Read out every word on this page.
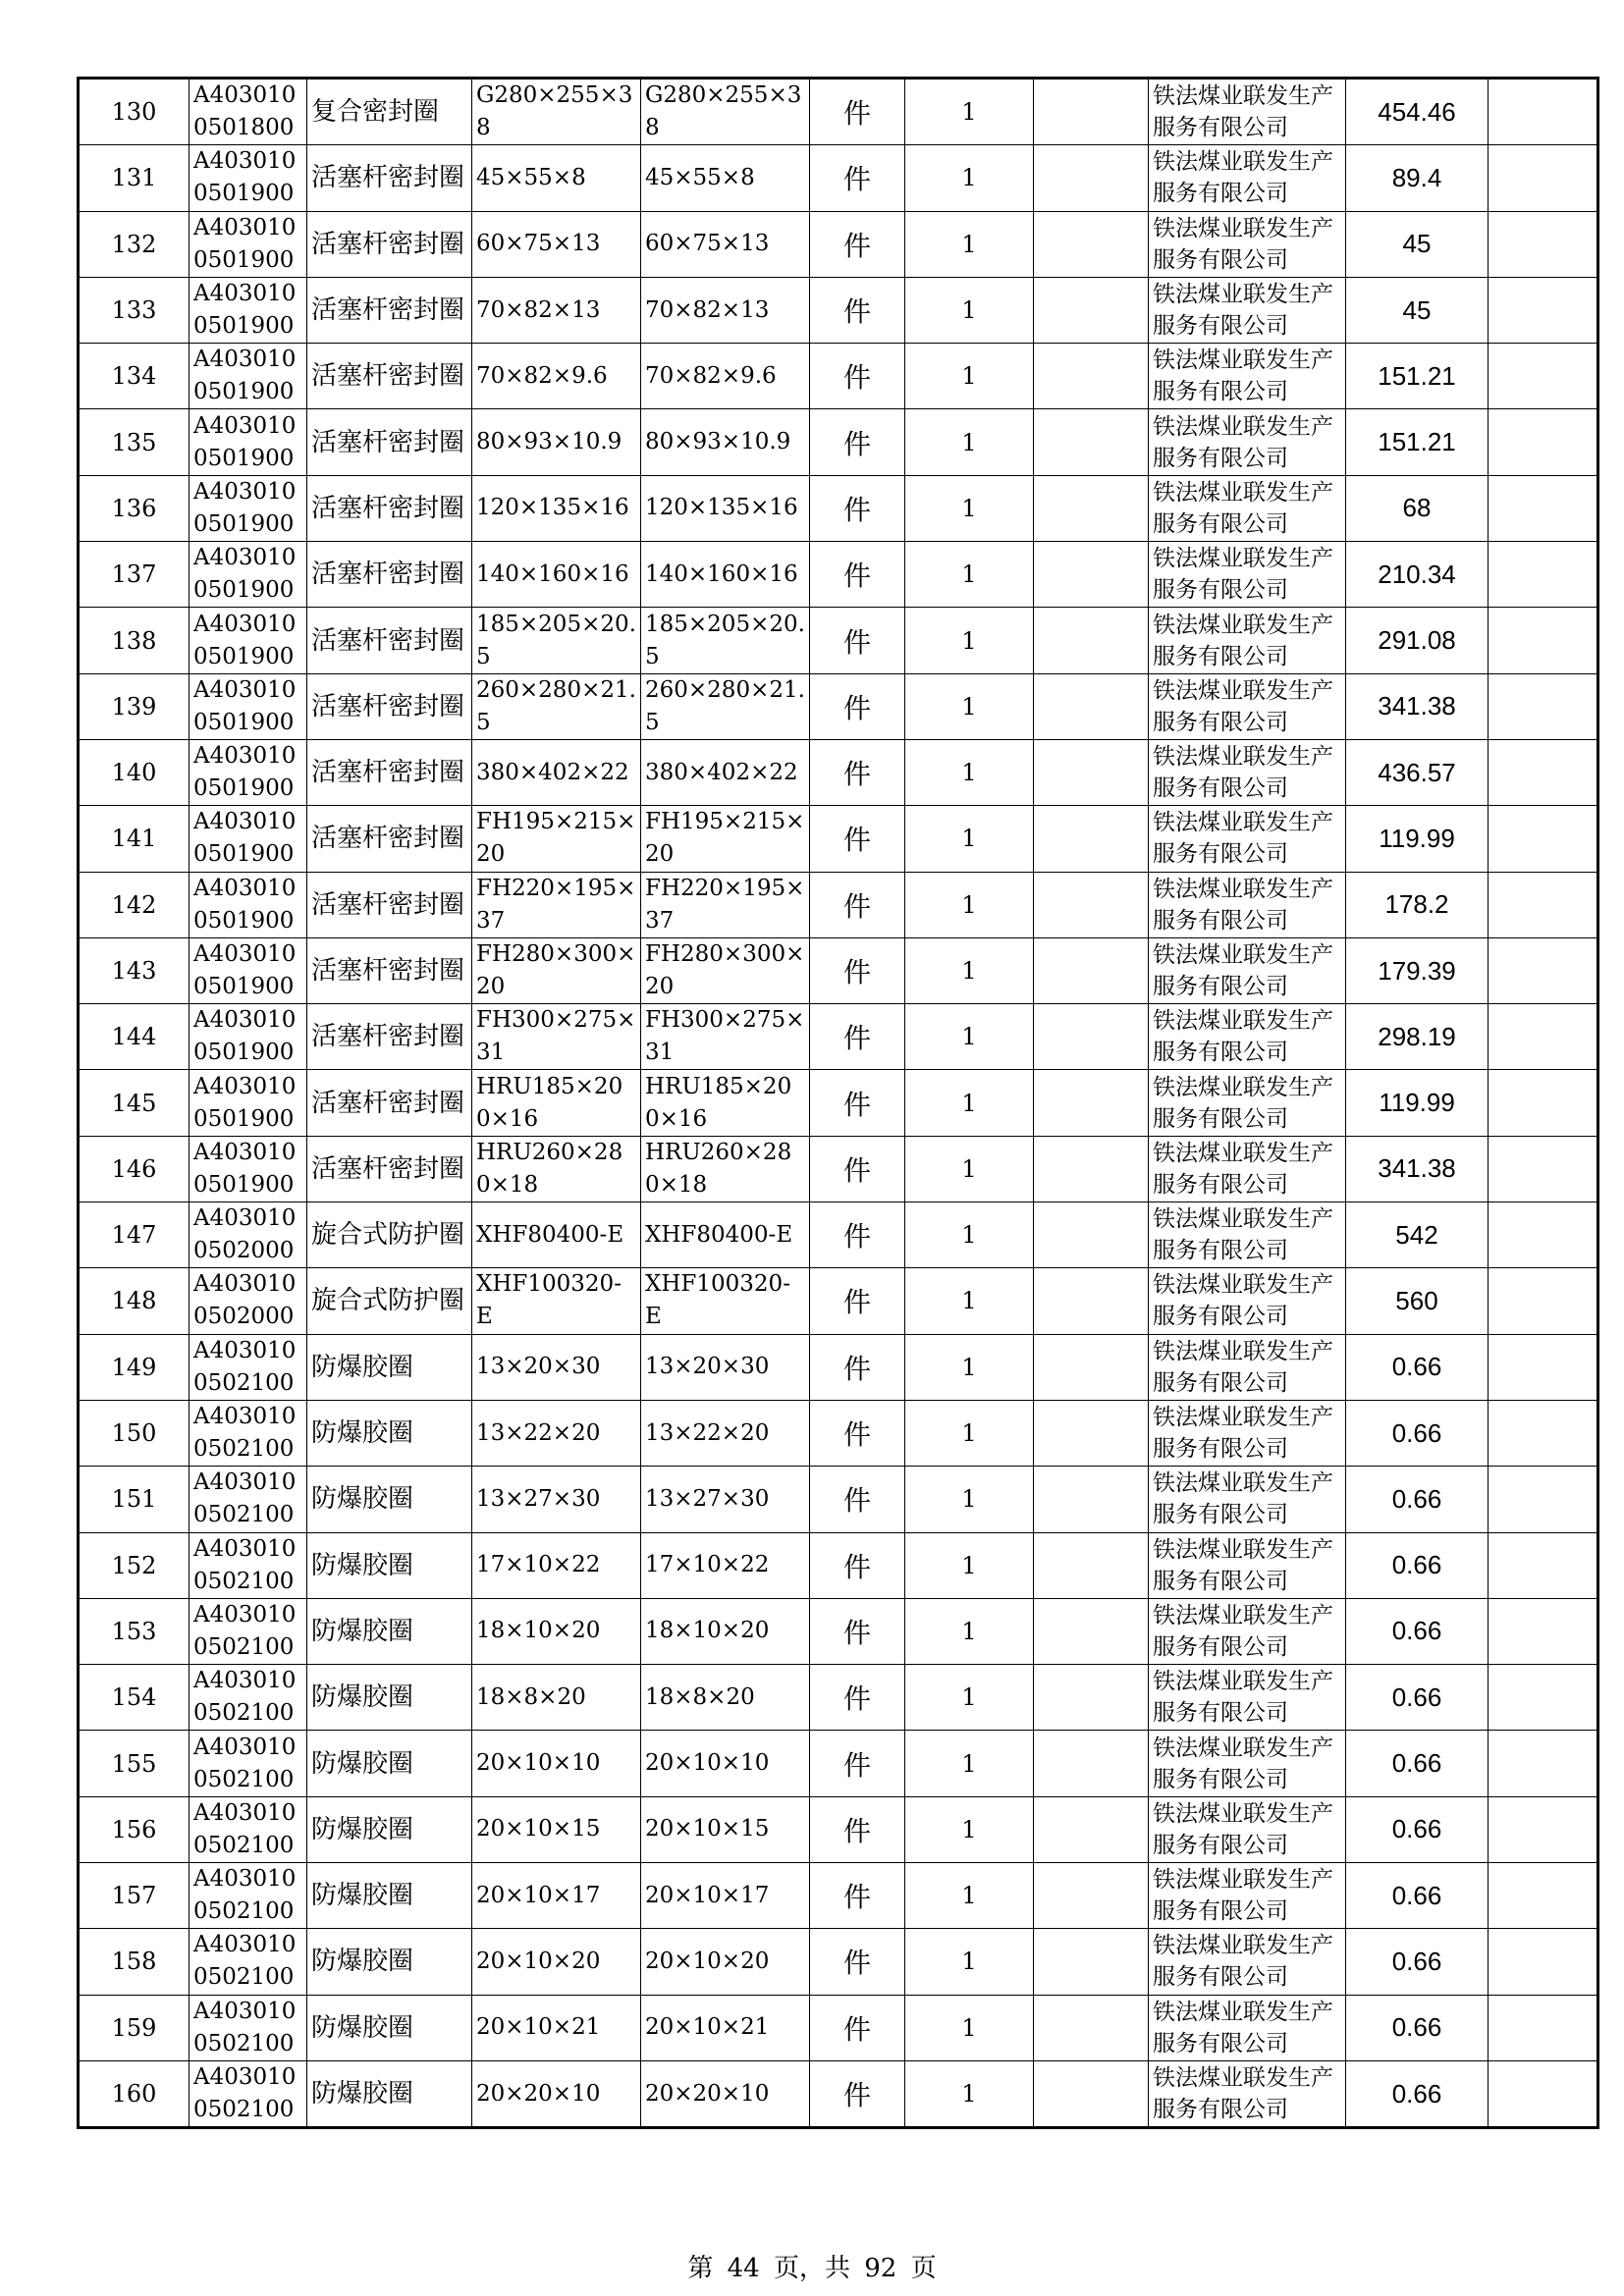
130	A4030100501800	复合密封圈	G280×255×38	G280×255×38	件	1		铁法煤业联发生产服务有限公司	454.46	
131	A4030100501900	活塞杆密封圈	45×55×8	45×55×8	件	1		铁法煤业联发生产服务有限公司	89.4	
132	A4030100501900	活塞杆密封圈	60×75×13	60×75×13	件	1		铁法煤业联发生产服务有限公司	45	
133	A4030100501900	活塞杆密封圈	70×82×13	70×82×13	件	1		铁法煤业联发生产服务有限公司	45	
134	A4030100501900	活塞杆密封圈	70×82×9.6	70×82×9.6	件	1		铁法煤业联发生产服务有限公司	151.21	
135	A4030100501900	活塞杆密封圈	80×93×10.9	80×93×10.9	件	1		铁法煤业联发生产服务有限公司	151.21	
136	A4030100501900	活塞杆密封圈	120×135×16	120×135×16	件	1		铁法煤业联发生产服务有限公司	68	
137	A4030100501900	活塞杆密封圈	140×160×16	140×160×16	件	1		铁法煤业联发生产服务有限公司	210.34	
138	A4030100501900	活塞杆密封圈	185×205×20.5	185×205×20.5	件	1		铁法煤业联发生产服务有限公司	291.08	
139	A4030100501900	活塞杆密封圈	260×280×21.5	260×280×21.5	件	1		铁法煤业联发生产服务有限公司	341.38	
140	A4030100501900	活塞杆密封圈	380×402×22	380×402×22	件	1		铁法煤业联发生产服务有限公司	436.57	
141	A4030100501900	活塞杆密封圈	FH195×215×20	FH195×215×20	件	1		铁法煤业联发生产服务有限公司	119.99	
142	A4030100501900	活塞杆密封圈	FH220×195×37	FH220×195×37	件	1		铁法煤业联发生产服务有限公司	178.2	
143	A4030100501900	活塞杆密封圈	FH280×300×20	FH280×300×20	件	1		铁法煤业联发生产服务有限公司	179.39	
144	A4030100501900	活塞杆密封圈	FH300×275×31	FH300×275×31	件	1		铁法煤业联发生产服务有限公司	298.19	
145	A4030100501900	活塞杆密封圈	HRU185×200×16	HRU185×200×16	件	1		铁法煤业联发生产服务有限公司	119.99	
146	A4030100501900	活塞杆密封圈	HRU260×280×18	HRU260×280×18	件	1		铁法煤业联发生产服务有限公司	341.38	
147	A4030100502000	旋合式防护圈	XHF80400-E	XHF80400-E	件	1		铁法煤业联发生产服务有限公司	542	
148	A4030100502000	旋合式防护圈	XHF100320-E	XHF100320-E	件	1		铁法煤业联发生产服务有限公司	560	
149	A4030100502100	防爆胶圈	13×20×30	13×20×30	件	1		铁法煤业联发生产服务有限公司	0.66	
150	A4030100502100	防爆胶圈	13×22×20	13×22×20	件	1		铁法煤业联发生产服务有限公司	0.66	
151	A4030100502100	防爆胶圈	13×27×30	13×27×30	件	1		铁法煤业联发生产服务有限公司	0.66	
152	A4030100502100	防爆胶圈	17×10×22	17×10×22	件	1		铁法煤业联发生产服务有限公司	0.66	
153	A4030100502100	防爆胶圈	18×10×20	18×10×20	件	1		铁法煤业联发生产服务有限公司	0.66	
154	A4030100502100	防爆胶圈	18×8×20	18×8×20	件	1		铁法煤业联发生产服务有限公司	0.66	
155	A4030100502100	防爆胶圈	20×10×10	20×10×10	件	1		铁法煤业联发生产服务有限公司	0.66	
156	A4030100502100	防爆胶圈	20×10×15	20×10×15	件	1		铁法煤业联发生产服务有限公司	0.66	
157	A4030100502100	防爆胶圈	20×10×17	20×10×17	件	1		铁法煤业联发生产服务有限公司	0.66	
158	A4030100502100	防爆胶圈	20×10×20	20×10×20	件	1		铁法煤业联发生产服务有限公司	0.66	
159	A4030100502100	防爆胶圈	20×10×21	20×10×21	件	1		铁法煤业联发生产服务有限公司	0.66	
160	A4030100502100	防爆胶圈	20×20×10	20×20×10	件	1		铁法煤业联发生产服务有限公司	0.66	
第 44 页，共 92 页
